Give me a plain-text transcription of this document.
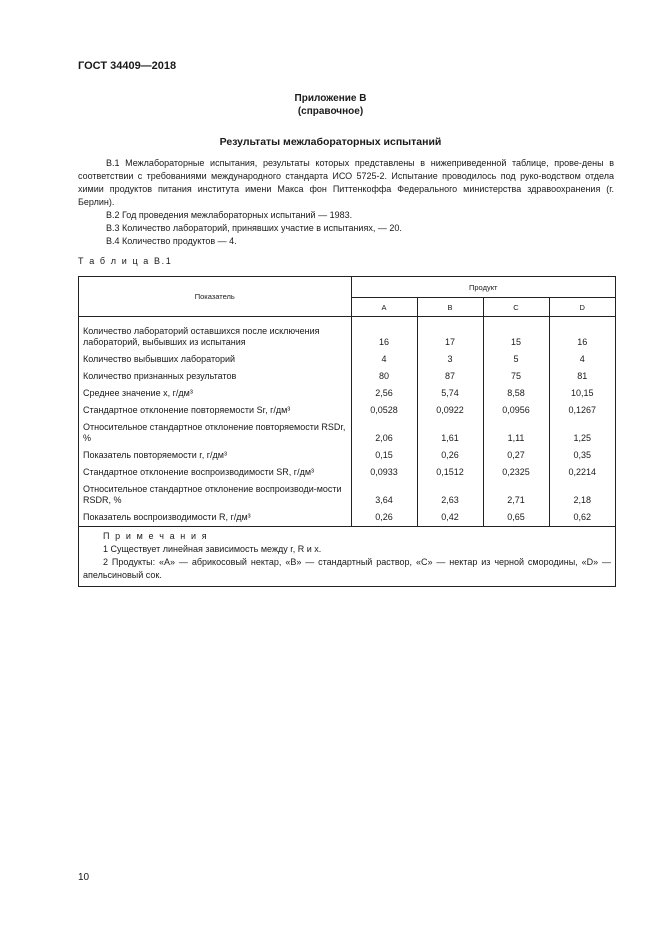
ГОСТ 34409—2018
Приложение В
(справочное)
Результаты межлабораторных испытаний

В.1 Межлабораторные испытания, результаты которых представлены в нижеприведенной таблице, прове-дены в соответствии с требованиями международного стандарта ИСО 5725-2. Испытание проводилось под руко-водством отдела химии продуктов питания института имени Макса фон Питтенкоффа Федерального министерства здравоохранения (г. Берлин).

В.2 Год проведения межлабораторных испытаний — 1983.

В.3 Количество лабораторий, принявших участие в испытаниях, — 20.

В.4 Количество продуктов — 4.

Т а б л и ц а В.1
Показатель	Продукт			
	A	B	C	D
Количество лабораторий оставшихся после исключения лабораторий, выбывших из испытания	16	17	15	16
Количество выбывших лабораторий	4	3	5	4
Количество признанных результатов	80	87	75	81
Среднее значение x, г/дм³	2,56	5,74	8,58	10,15
Стандартное отклонение повторяемости Sr, г/дм³	0,0528	0,0922	0,0956	0,1267
Относительное стандартное отклонение повторяемости RSDr, %	2,06	1,61	1,11	1,25
Показатель повторяемости r, г/дм³	0,15	0,26	0,27	0,35
Стандартное отклонение воспроизводимости SR, г/дм³	0,0933	0,1512	0,2325	0,2214
Относительное стандартное отклонение воспроизводи-мости RSDR, %	3,64	2,63	2,71	2,18
Показатель воспроизводимости R, г/дм³	0,26	0,42	0,65	0,62
П р и м е ч а н и я

1 Существует линейная зависимость между r, R и x.

2 Продукты: «A» — абрикосовый нектар, «B» — стандартный раствор, «C» — нектар из черной смородины, «D» — апельсиновый сок.

10
